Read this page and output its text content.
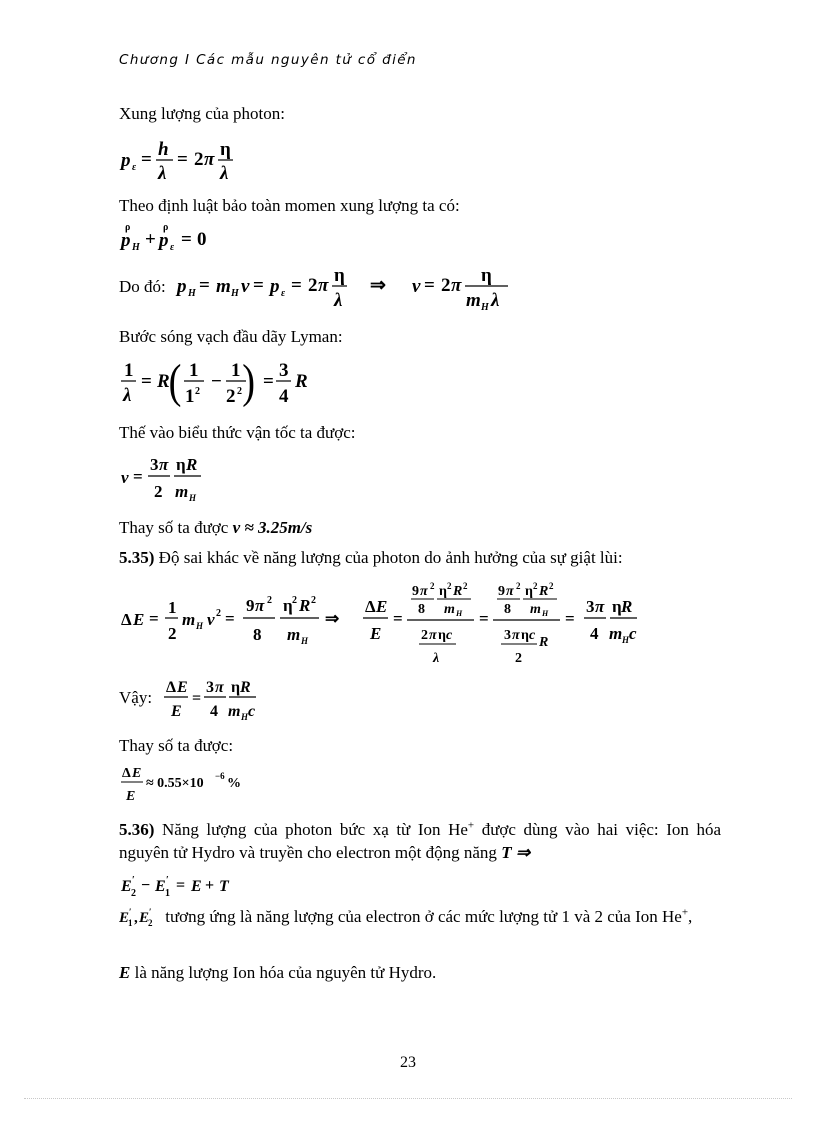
Chương I Các mẫu nguyên tử cổ điển
Xung lượng của photon:
p ε = h
λ
= 2 π η
λ
Theo định luật bảo toàn momen xung lượng ta có:
ρ
p H +
ρ
p ε = 0
Do đó: p H = m H v = p ε = 2 π η
λ
⇒ v = 2 π η
m H λ
Bước sóng vạch đầu dãy Lyman:
1
λ
= R
( 1
1 2 −
1
2 2 ) =
3
4
R
Thế vào biểu thức vận tốc ta được:
v =
3 π
2
η R
m H
Thay số ta được v ≈ 3.25m/s
5.35) Độ sai khác về năng lượng của photon do ảnh hưởng của sự giật lùi:
Δ E =
1
2
m H v 2 =
9 π 2
8
η 2 R 2
m H
⇒
Δ E
E
=
9 π 2 η 2 R 2
8 m H
2 π η c
λ
=
9 π 2 η 2 R 2
8 m H
3 π η c
2
R
=
3 π
4
η R
m H c
Vậy:
Δ E
E
=
3 π
4
η R
m H c
Thay số ta được:
Δ E
E
≈ 0.55×10 −6 %
5.36) Năng lượng của photon bức xạ từ Ion He+ được dùng vào hai việc: Ion hóa nguyên tử Hydro và truyền cho electron một động năng T ⇒
E ′
2 − E ′
1 = E + T
E ′
1 , E ′
2 tương ứng là năng lượng của electron ở các mức lượng tử 1 và 2 của Ion He+,
E là năng lượng Ion hóa của nguyên tử Hydro.
23
